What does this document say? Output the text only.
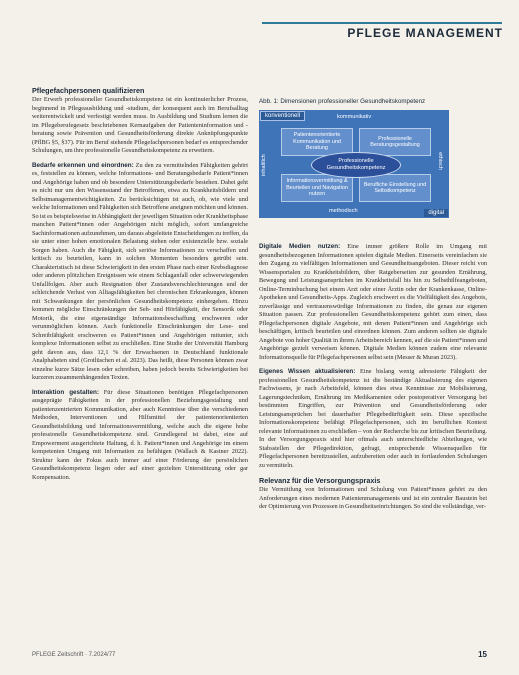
PFLEGE MANAGEMENT
Pflegefachpersonen qualifizieren

Der Erwerb professioneller Gesundheitskompetenz ist ein kontinuierlicher Prozess, beginnend in Pflegeausbildung und -studium, der konsequent auch im Berufsalltag weiterentwickelt und verfestigt werden muss. In Ausbildung und Studium lernen die im Pflegeberufegesetz beschriebenen Kernaufgaben der Patienteninformation und -beratung sowie Prävention und Gesundheitsförderung direkte Anknüpfungspunkte (PflBG §5, §37). Für im Beruf stehende Pflegefachpersonen bedarf es entsprechender Schulungen, um ihre professionelle Gesundheitskompetenz zu erweitern.

Bedarfe erkennen und einordnen: Zu den zu vermittelnden Fähigkeiten gehört es, feststellen zu können, welche Informations- und Beratungsbedarfe Patient*innen und Angehörige haben und ob besondere Unterstützungsbedarfe bestehen. Dabei geht es nicht nur um den Wissensstand der Betroffenen, etwa zu Krankheitsbildern und Selbstmanagementwichtigkeiten. Zu berücksichtigen ist auch, ob, wie viele und welche Informationen und Fähigkeiten sich Betroffene aneignen möchten und können. So ist es beispielsweise in Abhängigkeit der jeweiligen Situation oder Krankheitsphase manchen Patient*innen oder Angehörigen nicht möglich, sofort umfangreiche Sachinformationen aufzunehmen, um daraus abgeleitete Entscheidungen zu treffen, da sie unter einer hohen emotionalen Belastung stehen oder existenzielle bzw. soziale Sorgen haben. Auch die Fähigkeit, sich seriöse Informationen zu verschaffen und kritisch zu beurteilen, kann in solchen Momenten besonders getrübt sein. Charakteristisch ist diese Schwierigkeit in den ersten Phase nach einer Krebsdiagnose oder anderen plötzlichen Ereignissen wie einem Schlaganfall oder schwerwiegenden Unfallfolgen. Aber auch Resignation über Zustandsverschlechterungen und der schleichende Verlust von Alltagsfähigkeiten bei chronischen Erkrankungen, können mit Schwankungen der persönlichen Gesundheitskompetenz einhergehen. Hinzu kommen mögliche Einschränkungen der Seh- und Hörfähigkeit, der Sensorik oder Motorik, die eine eigenständige Informationsbeschaffung erschweren oder verunmöglichen können. Auch funktionelle Einschränkungen der Lese- und Schreibfähigkeit erschweren es Patient*innen und Angehörigen mitunter, sich komplexe Informationen selbst zu erschließen. Eine Studie der Universität Hamburg geht davon aus, dass 12,1 % der Erwachsenen in Deutschland funktionale Analphabeten sind (Grotlüschen et al. 2023). Das heißt, diese Personen können zwar einzelne kurze Sätze lesen oder schreiben, haben jedoch bereits Schwierigkeiten bei kurzeren zusammenhängenden Texten.

Interaktion gestalten: Für diese Situationen benötigen Pflegefachpersonen ausgeprägte Fähigkeiten in der professionellen Beziehungsgestaltung und patientenzentrierten Kommunikation, aber auch Kenntnisse über die verschiedenen Methoden, Interventionen und Hilfsmittel der patientenorientierten Gesundheitsbildung und Informationsvermittlung, welche auch die eigene hohe professionelle Gesundheitskompetenz sind. Grundlegend ist dabei, eine auf Empowerment ausgerichtete Haltung, d. h. Patient*innen und Angehörige im einem kompetenten Umgang mit Information zu befähigen (Wallach & Kastner 2022). Struktur kann der Fokus auch immer auf einer Förderung der persönlichen Gesundheitskompetenz liegen oder auf einer gezielten Unterstützung oder gar Kompensation.

Abb. 1: Dimensionen professioneller Gesundheitskompetenz
konventionell
digital
kommunikativ
methodisch
inhaltlich	ethisch
Patientenorientierte Kommunikation und Beratung
Professionelle Beratungsgestaltung
Informationsvermittlung & Beurteilen und Navigation nutzen
Berufliche Einstellung und Selbstkompetenz
Professionelle Gesundheitskompetenz

Digitale Medien nutzen: Eine immer größere Rolle im Umgang mit gesundheitsbezogenen Informationen spielen digitale Medien. Einerseits vereinfachen sie den Zugang zu vielfältigen Informationen und Gesundheitsangeboten. Dieser reicht von Wissensportalen zu Krankheitsbildern, über Ratgeberseiten zur gesunden Ernährung, Bewegung und Leistungsansprüchen im Krankheitsfall bis hin zu Selbsthilfeangeboten, Online-Terminbuchung bei einem Arzt oder einer Ärztin oder der Krankenkasse, Online-Apotheken und Gesundheits-Apps. Zugleich erschwert es die Vielfältigkeit des Angebots, zuverlässige und vertrauenswürdige Informationen zu finden, die genau zur eigenen Situation passen. Zur professionellen Gesundheitskompetenz gehört zum einen, dass Pflegefachpersonen digitale Angebote, mit denen Patient*innen und Angehörige sich beschäftigen, kritisch beurteilen und einordnen können. Zum anderen sollten sie digitale Angebote von hoher Qualität in ihrem Arbeitsbereich kennen, auf die sie Patient*innen und Angehörige gezielt verweisen können. Digitale Medien können zudem eine relevante Informationsquelle für Pflegefachpersonen selbst sein (Messer & Muran 2023).

Eigenes Wissen aktualisieren: Eine bislang wenig adressierte Fähigkeit der professionellen Gesundheitskompetenz ist die beständige Aktualisierung des eigenen Fachwissens, je nach Arbeitsfeld, können dies etwa Kenntnisse zur Mobilisierung, Lagerungstechniken, Ernährung im Medikamenten oder postoperativer Versorgung bei bestimmten Eingriffen, zur Prävention und Gesundheitsförderung oder Leistungsansprüchen bei dauerhafter Pflegebedürftigkeit sein. Diese spezifische Informationskompetenz befähigt Pflegefachpersonen, sich im beruflichen Kontext relevante Informationen zu erschließen – von der Recherche bis zur kritischen Beurteilung. In der Versorgungspraxis sind hier oftmals auch unterschiedliche Abteilungen, wie Stabsstellen der Pflegedirektion, gefragt, entsprechende Wissensquellen für Pflegefachpersonen bereitzustellen, aufzubereiten oder auch in fortlaufenden Schulungen zu vermitteln.

Relevanz für die Versorgungspraxis

Die Vermittlung von Informationen und Schulung von Patient*innen gehört zu den Anforderungen eines modernen Patientenmanagements und ist ein zentraler Baustein bei der Optimierung von Prozessen in Gesundheitseinrichtungen. So sind die vollständige, ver-

PFLEGE Zeitschrift · 7.2024/77	15
